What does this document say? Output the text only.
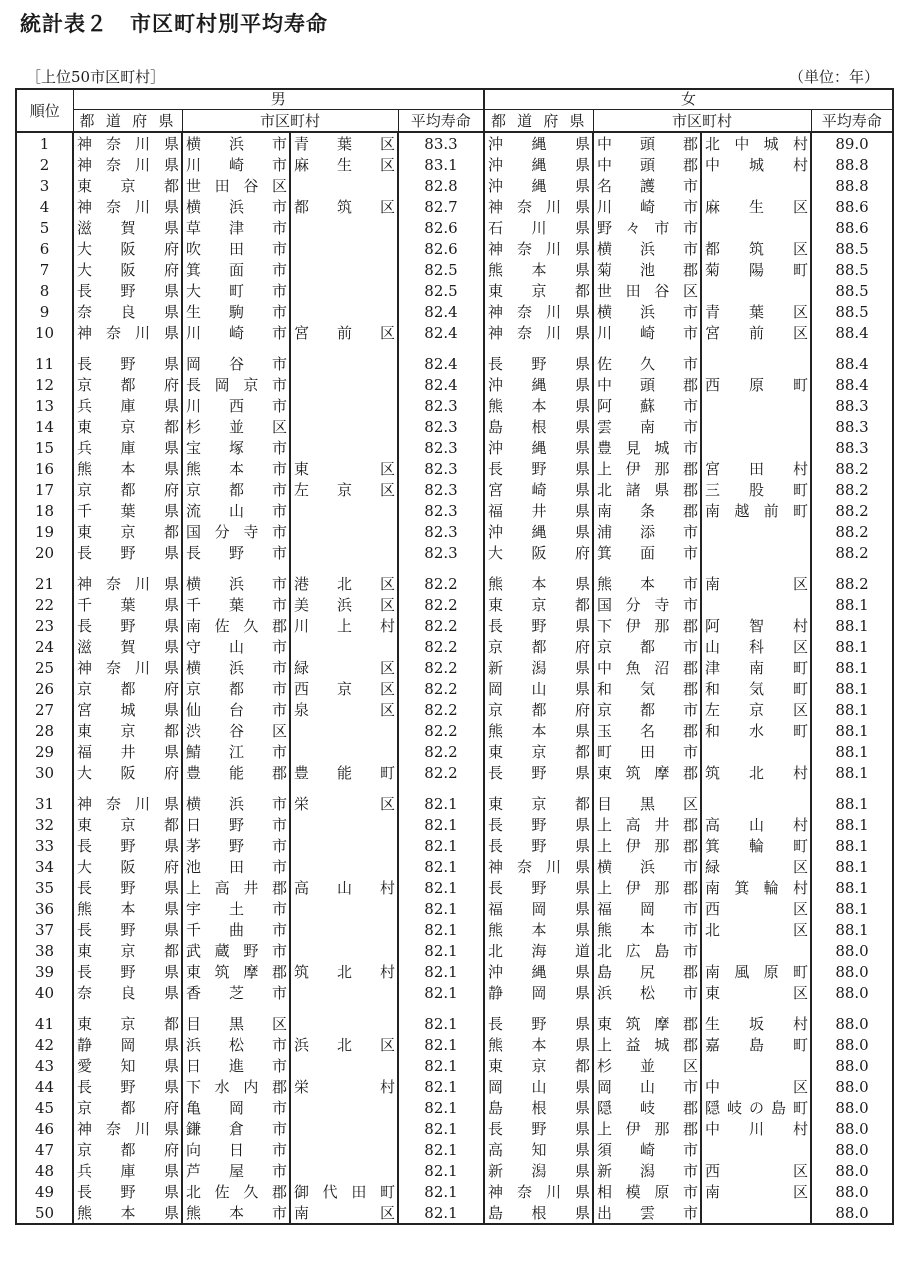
統計表２　市区町村別平均寿命
［上位50市区町村］	（単位：年）
順位	男				女			

	都 道 府 県	市区町村		平均寿命	都 道 府 県	市区町村		平均寿命
1	神 奈 川 県	横 浜 市	青 葉 区	83.3	沖 縄 県	中 頭 郡	北 中 城 村	89.0
2	神 奈 川 県	川 崎 市	麻 生 区	83.1	沖 縄 県	中 頭 郡	中 城 村	88.8
3	東 京 都	世 田 谷 区		82.8	沖 縄 県	名 護 市		88.8
4	神 奈 川 県	横 浜 市	都 筑 区	82.7	神 奈 川 県	川 崎 市	麻 生 区	88.6
5	滋 賀 県	草 津 市		82.6	石 川 県	野 々 市 市		88.6
6	大 阪 府	吹 田 市		82.6	神 奈 川 県	横 浜 市	都 筑 区	88.5
7	大 阪 府	箕 面 市		82.5	熊 本 県	菊 池 郡	菊 陽 町	88.5
8	長 野 県	大 町 市		82.5	東 京 都	世 田 谷 区		88.5
9	奈 良 県	生 駒 市		82.4	神 奈 川 県	横 浜 市	青 葉 区	88.5
10	神 奈 川 県	川 崎 市	宮 前 区	82.4	神 奈 川 県	川 崎 市	宮 前 区	88.4

11	長 野 県	岡 谷 市		82.4	長 野 県	佐 久 市		88.4
12	京 都 府	長 岡 京 市		82.4	沖 縄 県	中 頭 郡	西 原 町	88.4
13	兵 庫 県	川 西 市		82.3	熊 本 県	阿 蘇 市		88.3
14	東 京 都	杉 並 区		82.3	島 根 県	雲 南 市		88.3
15	兵 庫 県	宝 塚 市		82.3	沖 縄 県	豊 見 城 市		88.3
16	熊 本 県	熊 本 市	東 区	82.3	長 野 県	上 伊 那 郡	宮 田 村	88.2
17	京 都 府	京 都 市	左 京 区	82.3	宮 崎 県	北 諸 県 郡	三 股 町	88.2
18	千 葉 県	流 山 市		82.3	福 井 県	南 条 郡	南 越 前 町	88.2
19	東 京 都	国 分 寺 市		82.3	沖 縄 県	浦 添 市		88.2
20	長 野 県	長 野 市		82.3	大 阪 府	箕 面 市		88.2

21	神 奈 川 県	横 浜 市	港 北 区	82.2	熊 本 県	熊 本 市	南 区	88.2
22	千 葉 県	千 葉 市	美 浜 区	82.2	東 京 都	国 分 寺 市		88.1
23	長 野 県	南 佐 久 郡	川 上 村	82.2	長 野 県	下 伊 那 郡	阿 智 村	88.1
24	滋 賀 県	守 山 市		82.2	京 都 府	京 都 市	山 科 区	88.1
25	神 奈 川 県	横 浜 市	緑 区	82.2	新 潟 県	中 魚 沼 郡	津 南 町	88.1
26	京 都 府	京 都 市	西 京 区	82.2	岡 山 県	和 気 郡	和 気 町	88.1
27	宮 城 県	仙 台 市	泉 区	82.2	京 都 府	京 都 市	左 京 区	88.1
28	東 京 都	渋 谷 区		82.2	熊 本 県	玉 名 郡	和 水 町	88.1
29	福 井 県	鯖 江 市		82.2	東 京 都	町 田 市		88.1
30	大 阪 府	豊 能 郡	豊 能 町	82.2	長 野 県	東 筑 摩 郡	筑 北 村	88.1

31	神 奈 川 県	横 浜 市	栄 区	82.1	東 京 都	目 黒 区		88.1
32	東 京 都	日 野 市		82.1	長 野 県	上 高 井 郡	高 山 村	88.1
33	長 野 県	茅 野 市		82.1	長 野 県	上 伊 那 郡	箕 輪 町	88.1
34	大 阪 府	池 田 市		82.1	神 奈 川 県	横 浜 市	緑 区	88.1
35	長 野 県	上 高 井 郡	高 山 村	82.1	長 野 県	上 伊 那 郡	南 箕 輪 村	88.1
36	熊 本 県	宇 土 市		82.1	福 岡 県	福 岡 市	西 区	88.1
37	長 野 県	千 曲 市		82.1	熊 本 県	熊 本 市	北 区	88.1
38	東 京 都	武 蔵 野 市		82.1	北 海 道	北 広 島 市		88.0
39	長 野 県	東 筑 摩 郡	筑 北 村	82.1	沖 縄 県	島 尻 郡	南 風 原 町	88.0
40	奈 良 県	香 芝 市		82.1	静 岡 県	浜 松 市	東 区	88.0

41	東 京 都	目 黒 区		82.1	長 野 県	東 筑 摩 郡	生 坂 村	88.0
42	静 岡 県	浜 松 市	浜 北 区	82.1	熊 本 県	上 益 城 郡	嘉 島 町	88.0
43	愛 知 県	日 進 市		82.1	東 京 都	杉 並 区		88.0
44	長 野 県	下 水 内 郡	栄 村	82.1	岡 山 県	岡 山 市	中 区	88.0
45	京 都 府	亀 岡 市		82.1	島 根 県	隠 岐 郡	隠 岐 の 島 町	88.0
46	神 奈 川 県	鎌 倉 市		82.1	長 野 県	上 伊 那 郡	中 川 村	88.0
47	京 都 府	向 日 市		82.1	高 知 県	須 崎 市		88.0
48	兵 庫 県	芦 屋 市		82.1	新 潟 県	新 潟 市	西 区	88.0
49	長 野 県	北 佐 久 郡	御 代 田 町	82.1	神 奈 川 県	相 模 原 市	南 区	88.0
50	熊 本 県	熊 本 市	南 区	82.1	島 根 県	出 雲 市		88.0
